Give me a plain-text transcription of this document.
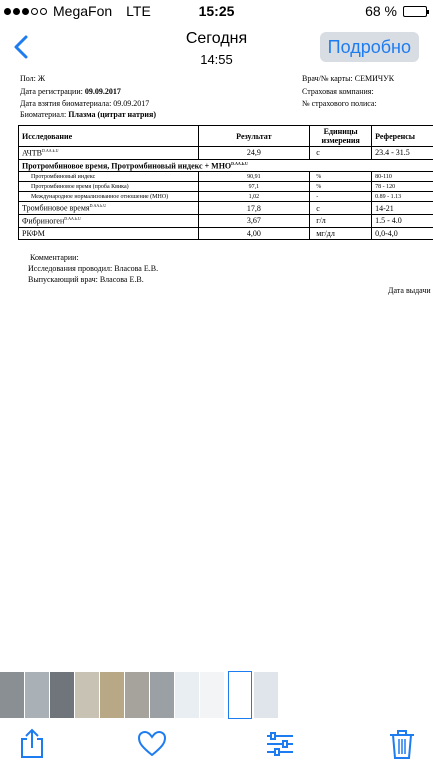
MegaFon LTE	15:25	68 %
Сегодня
14:55
Подробно
Пол: Ж	Врач/№ карты: СЕМИЧУК
Дата регистрации: 09.09.2017	Страховая компания:
Дата взятия биоматериала: 09.09.2017	№ страхового полиса:
Биоматериал: Плазма (цитрат натрия)
Исследование	Результат	Единицы измерения	Референсы
$АЧТВ^{D.AA.k.U}$	24,9	с	23.4 - 31.5
Протромбиновое время, Протромбиновый индекс + $МНО^{D.AA.k.U}$
Протромбиновый индекс	90,91	%	80-110
Протромбиновое время (проба Квика)	97,1	%	78 - 120
Международное нормализованное отношение (МНО)	1,02	-	0.89 - 1.13
Тромбиновое время$^{D.AA.k.U}$	17,8	с	14-21
Фибриноген$^{D.AA.k.U}$	3,67	г/л	1.5 - 4.0
РКФМ	4,00	мг/дл	0,0-4,0
Комментарии:
Исследования проводил: Власова Е.В.
Выпускающий врач: Власова Е.В.
Дата выдачи
